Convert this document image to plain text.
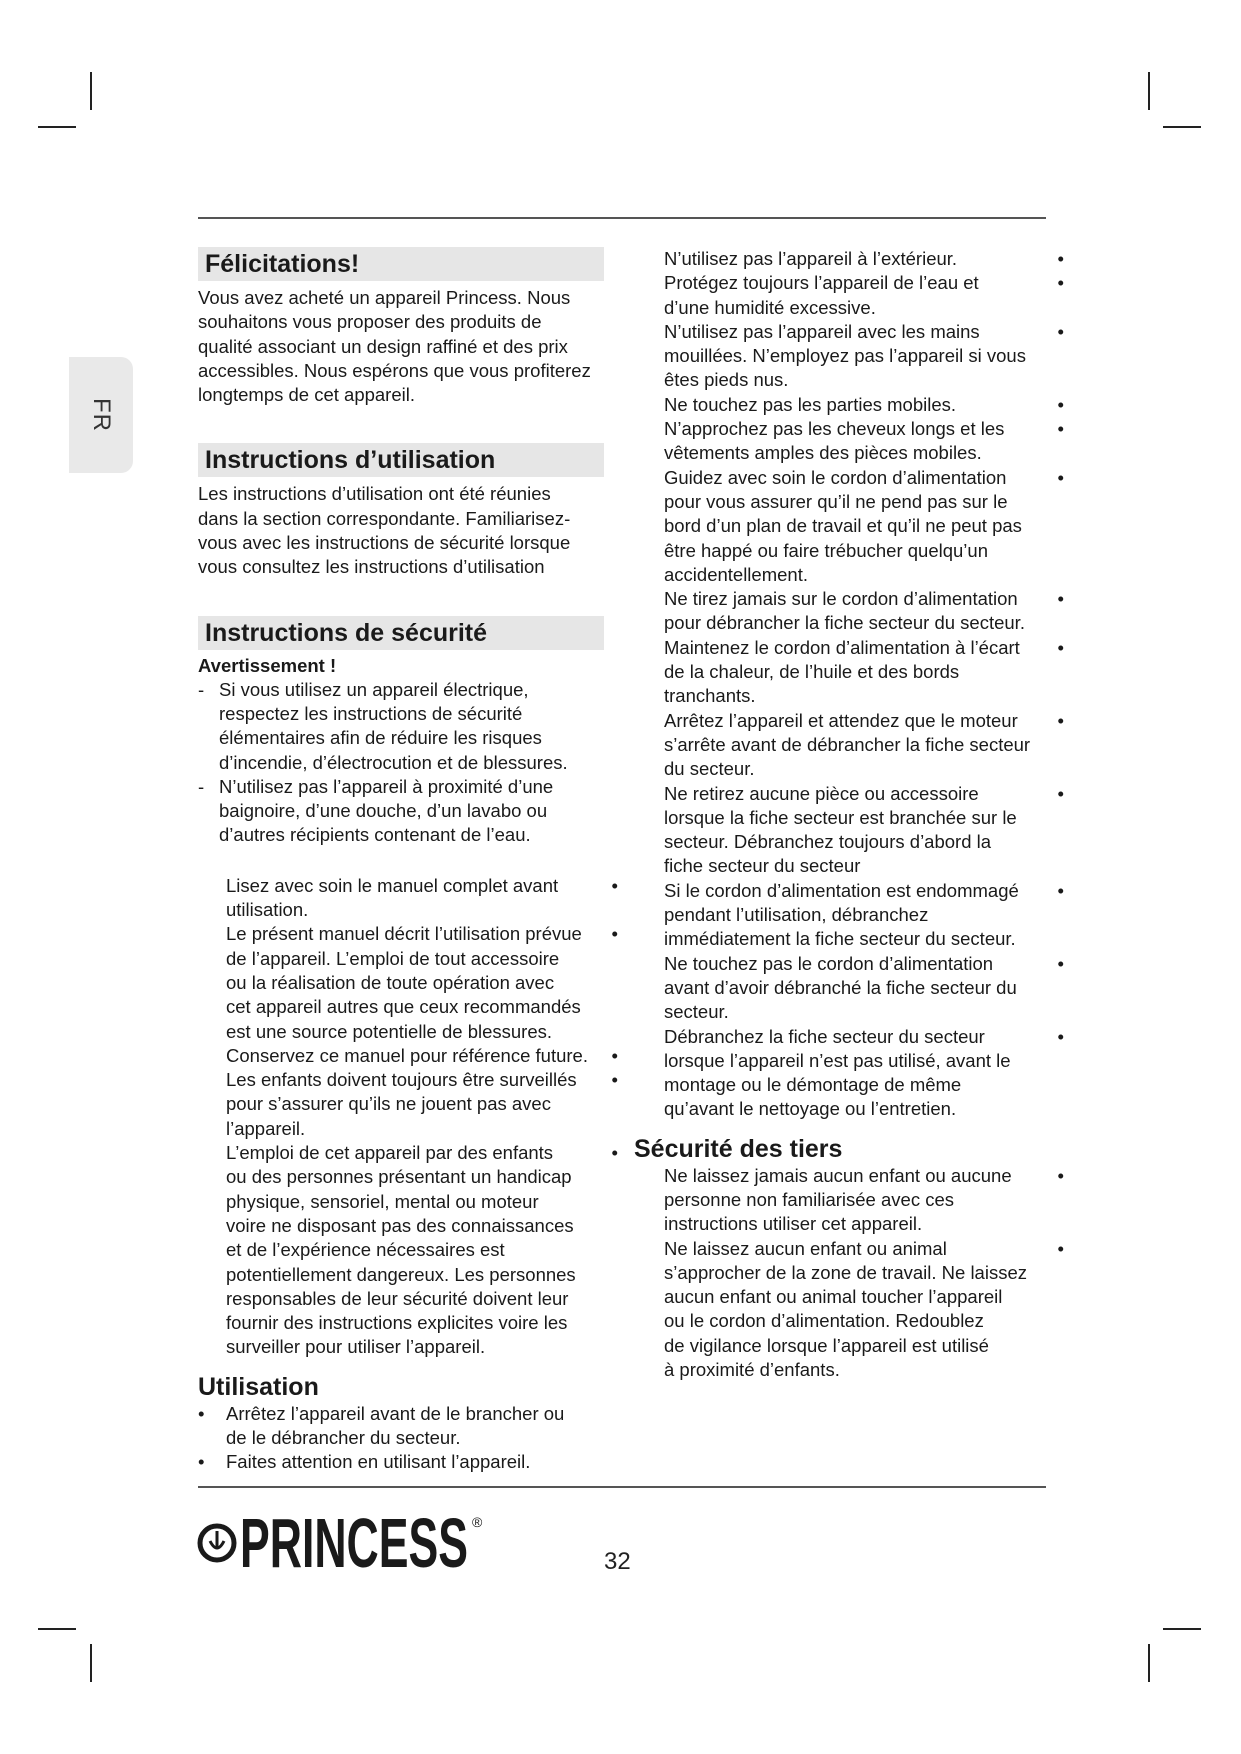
FR
Félicitations!
Vous avez acheté un appareil Princess. Nous
souhaitons vous proposer des produits de
qualité associant un design raffiné et des prix
accessibles. Nous espérons que vous profiterez
longtemps de cet appareil.
Instructions d’utilisation
Les instructions d’utilisation ont été réunies
dans la section correspondante. Familiarisez-
vous avec les instructions de sécurité lorsque
vous consultez les instructions d’utilisation
Instructions de sécurité
Avertissement !
- Si vous utilisez un appareil électrique,
respectez les instructions de sécurité
élémentaires afin de réduire les risques
d’incendie, d’électrocution et de blessures.
- N’utilisez pas l’appareil à proximité d’une
baignoire, d’une douche, d’un lavabo ou
d’autres récipients contenant de l’eau.
Lisez avec soin le manuel complet avant
utilisation.
•
Le présent manuel décrit l’utilisation prévue
de l’appareil. L’emploi de tout accessoire
ou la réalisation de toute opération avec
cet appareil autres que ceux recommandés
est une source potentielle de blessures.
•
Conservez ce manuel pour référence future. •
Les enfants doivent toujours être surveillés
pour s’assurer qu’ils ne jouent pas avec
l’appareil.
•
L’emploi de cet appareil par des enfants
ou des personnes présentant un handicap
physique, sensoriel, mental ou moteur
voire ne disposant pas des connaissances
et de l’expérience nécessaires est
potentiellement dangereux. Les personnes
responsables de leur sécurité doivent leur
fournir des instructions explicites voire les
surveiller pour utiliser l’appareil.
•
Utilisation
• Arrêtez l’appareil avant de le brancher ou
de le débrancher du secteur.
• Faites attention en utilisant l’appareil.
N’utilisez pas l’appareil à l’extérieur.	•
Protégez toujours l’appareil de l’eau et
d’une humidité excessive.
•
N’utilisez pas l’appareil avec les mains
mouillées. N’employez pas l’appareil si vous
êtes pieds nus.
•
Ne touchez pas les parties mobiles.	•
N’approchez pas les cheveux longs et les
vêtements amples des pièces mobiles.
•
Guidez avec soin le cordon d’alimentation
pour vous assurer qu’il ne pend pas sur le
bord d’un plan de travail et qu’il ne peut pas
être happé ou faire trébucher quelqu’un
accidentellement.
•
Ne tirez jamais sur le cordon d’alimentation
pour débrancher la fiche secteur du secteur.
•
Maintenez le cordon d’alimentation à l’écart
de la chaleur, de l’huile et des bords
tranchants.
•
Arrêtez l’appareil et attendez que le moteur
s’arrête avant de débrancher la fiche secteur
du secteur.
•
Ne retirez aucune pièce ou accessoire
lorsque la fiche secteur est branchée sur le
secteur. Débranchez toujours d’abord la
fiche secteur du secteur
•
Si le cordon d’alimentation est endommagé
pendant l’utilisation, débranchez
immédiatement la fiche secteur du secteur.
•
Ne touchez pas le cordon d’alimentation
avant d’avoir débranché la fiche secteur du
secteur.
•
Débranchez la fiche secteur du secteur
lorsque l’appareil n’est pas utilisé, avant le
montage ou le démontage de même
qu’avant le nettoyage ou l’entretien.
•
Sécurité des tiers
Ne laissez jamais aucun enfant ou aucune
personne non familiarisée avec ces
instructions utiliser cet appareil.
•
Ne laissez aucun enfant ou animal
s’approcher de la zone de travail. Ne laissez
aucun enfant ou animal toucher l’appareil
ou le cordon d’alimentation. Redoublez
de vigilance lorsque l’appareil est utilisé
à proximité d’enfants.
•
PRINCESS ®
32
